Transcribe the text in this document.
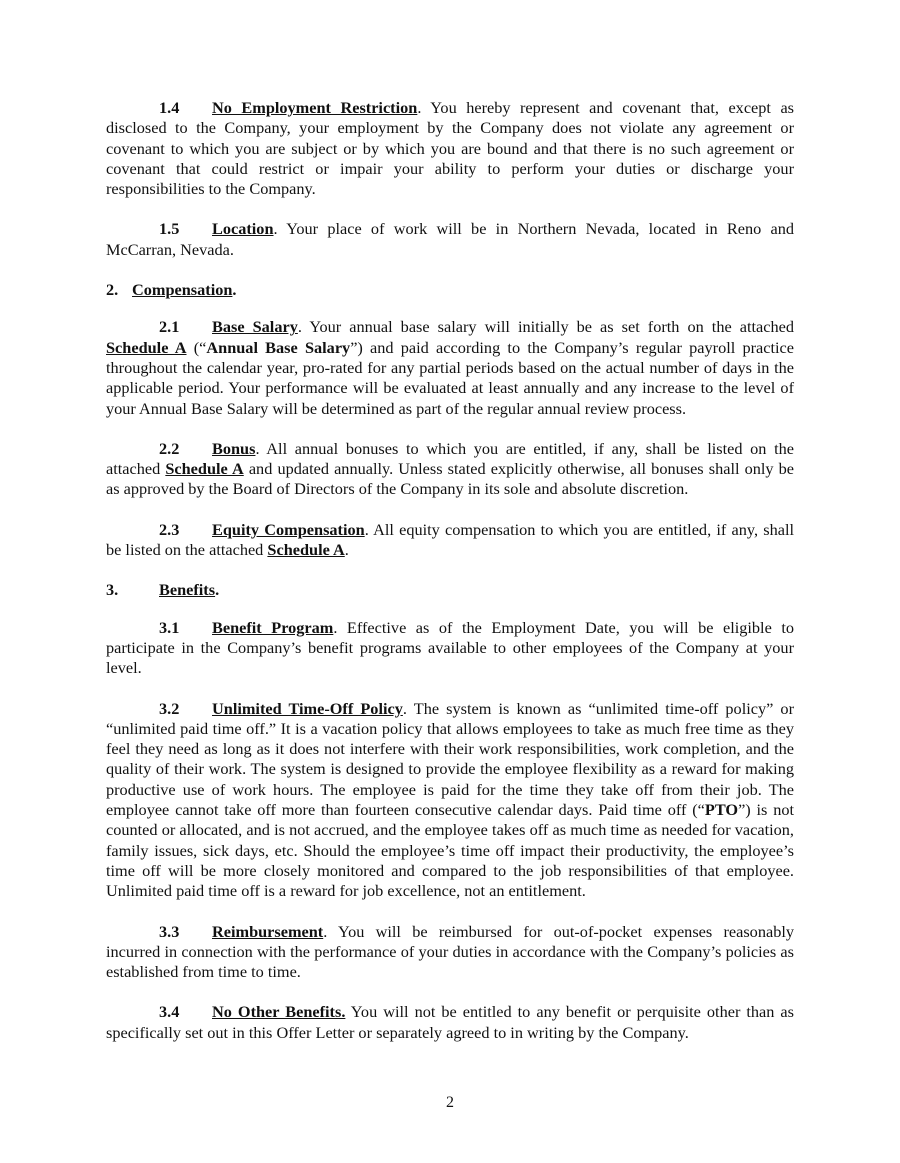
1.4 No Employment Restriction. You hereby represent and covenant that, except as disclosed to the Company, your employment by the Company does not violate any agreement or covenant to which you are subject or by which you are bound and that there is no such agreement or covenant that could restrict or impair your ability to perform your duties or discharge your responsibilities to the Company.

1.5 Location. Your place of work will be in Northern Nevada, located in Reno and McCarran, Nevada.

2. Compensation.

2.1 Base Salary. Your annual base salary will initially be as set forth on the attached Schedule A (“Annual Base Salary”) and paid according to the Company’s regular payroll practice throughout the calendar year, pro-rated for any partial periods based on the actual number of days in the applicable period. Your performance will be evaluated at least annually and any increase to the level of your Annual Base Salary will be determined as part of the regular annual review process.

2.2 Bonus. All annual bonuses to which you are entitled, if any, shall be listed on the attached Schedule A and updated annually. Unless stated explicitly otherwise, all bonuses shall only be as approved by the Board of Directors of the Company in its sole and absolute discretion.

2.3 Equity Compensation. All equity compensation to which you are entitled, if any, shall be listed on the attached Schedule A.

3.	Benefits.

3.1 Benefit Program. Effective as of the Employment Date, you will be eligible to participate in the Company’s benefit programs available to other employees of the Company at your level.

3.2 Unlimited Time-Off Policy. The system is known as “unlimited time-off policy” or “unlimited paid time off.” It is a vacation policy that allows employees to take as much free time as they feel they need as long as it does not interfere with their work responsibilities, work completion, and the quality of their work. The system is designed to provide the employee flexibility as a reward for making productive use of work hours. The employee is paid for the time they take off from their job. The employee cannot take off more than fourteen consecutive calendar days. Paid time off (“PTO”) is not counted or allocated, and is not accrued, and the employee takes off as much time as needed for vacation, family issues, sick days, etc. Should the employee’s time off impact their productivity, the employee’s time off will be more closely monitored and compared to the job responsibilities of that employee. Unlimited paid time off is a reward for job excellence, not an entitlement.

3.3 Reimbursement. You will be reimbursed for out-of-pocket expenses reasonably incurred in connection with the performance of your duties in accordance with the Company’s policies as established from time to time.

3.4 No Other Benefits. You will not be entitled to any benefit or perquisite other than as specifically set out in this Offer Letter or separately agreed to in writing by the Company.

2
